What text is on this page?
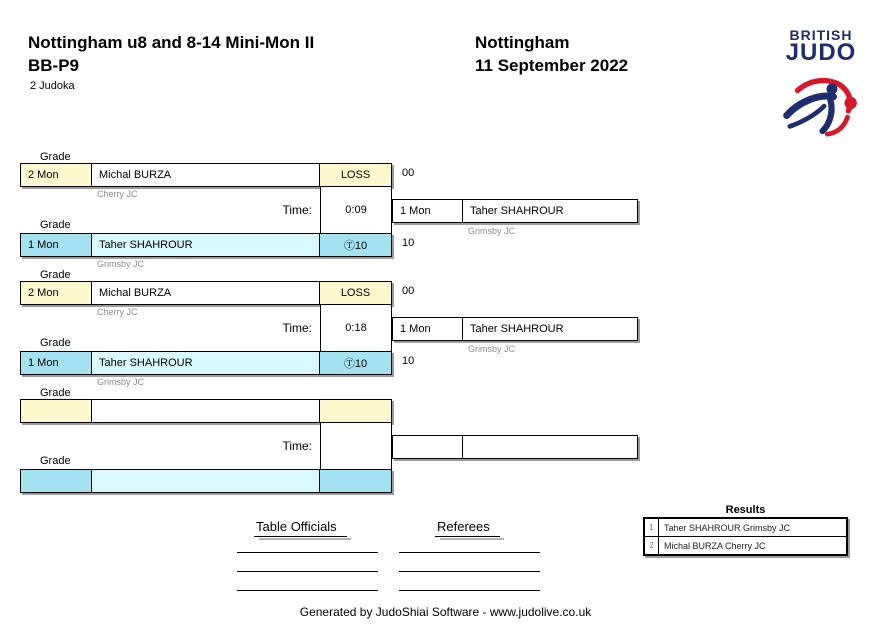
Nottingham u8 and 8-14 Mini-Mon II
BB-P9
2 Judoka
Nottingham
11 September 2022
BRITISH
JUDO
Grade
2 Mon	Michal BURZA	LOSS
Cherry JC
0:09
Time:
Grade
1 Mon	Taher SHAHROUR	Ⓣ10
Grimsby JC
00
10
1 Mon	Taher SHAHROUR
Grimsby JC
Grade
2 Mon	Michal BURZA	LOSS
Cherry JC
0:18
Time:
Grade
1 Mon	Taher SHAHROUR	Ⓣ10
Grimsby JC
00
10
1 Mon	Taher SHAHROUR
Grimsby JC
Grade
Time:
Grade
Table Officials	Referees
Results
1	Taher SHAHROUR Grimsby JC
2	Michal BURZA Cherry JC
Generated by JudoShiai Software - www.judolive.co.uk
